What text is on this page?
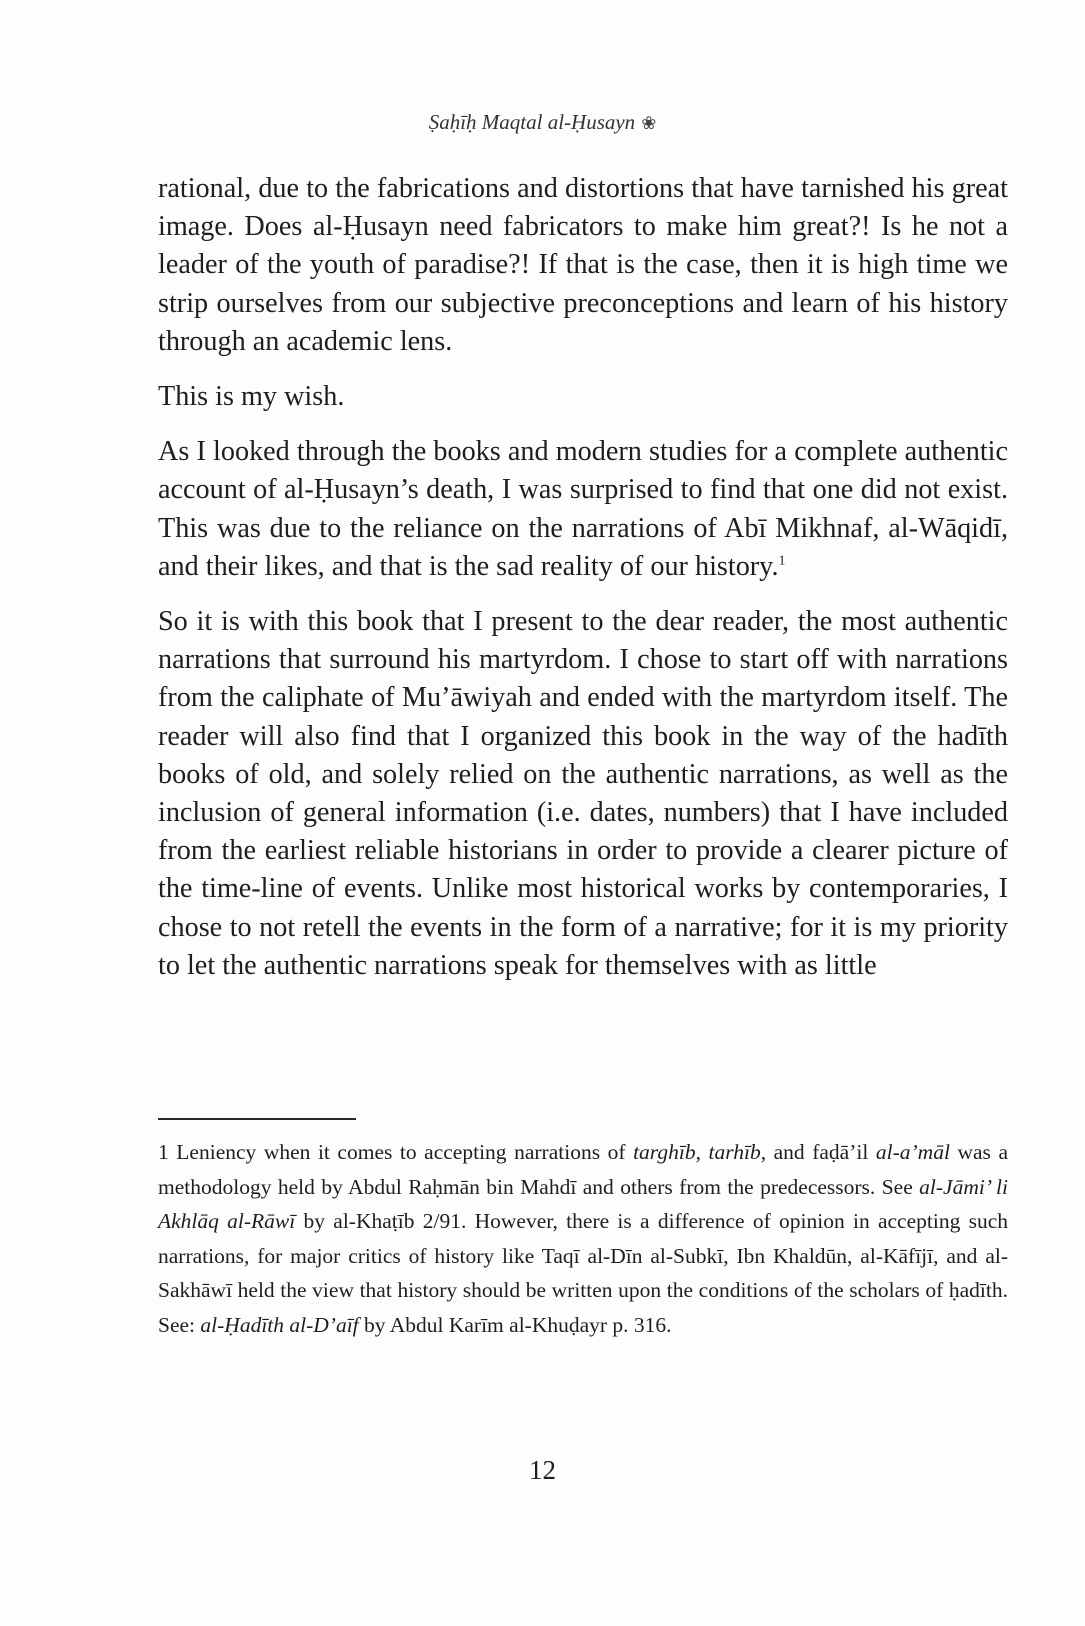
Ṣaḥīḥ Maqtal al-Ḥusayn ❀

rational, due to the fabrications and distortions that have tarnished his great image. Does al-Ḥusayn need fabricators to make him great?! Is he not a leader of the youth of paradise?! If that is the case, then it is high time we strip ourselves from our subjective preconceptions and learn of his history through an academic lens.

This is my wish.

As I looked through the books and modern studies for a complete authentic account of al-Ḥusayn’s death, I was surprised to find that one did not exist. This was due to the reliance on the narrations of Abī Mikhnaf, al-Wāqidī, and their likes, and that is the sad reality of our history.$^1$

So it is with this book that I present to the dear reader, the most authentic narrations that surround his martyrdom. I chose to start off with narrations from the caliphate of Mu’āwiyah and ended with the martyrdom itself. The reader will also find that I organized this book in the way of the hadīth books of old, and solely relied on the authentic narrations, as well as the inclusion of general information (i.e. dates, numbers) that I have included from the earliest reliable historians in order to provide a clearer picture of the time-line of events. Unlike most historical works by contemporaries, I chose to not retell the events in the form of a narrative; for it is my priority to let the authentic narrations speak for themselves with as little

1 Leniency when it comes to accepting narrations of targhīb, tarhīb, and faḍā’il al-a’māl was a methodology held by Abdul Raḥmān bin Mahdī and others from the predecessors. See al-Jāmi’ li Akhlāq al-Rāwī by al-Khaṭīb 2/91. However, there is a difference of opinion in accepting such narrations, for major critics of history like Taqī al-Dīn al-Subkī, Ibn Khaldūn, al-Kāfījī, and al-Sakhāwī held the view that history should be written upon the conditions of the scholars of ḥadīth. See: al-Ḥadīth al-D’aīf by Abdul Karīm al-Khuḍayr p. 316.

12
